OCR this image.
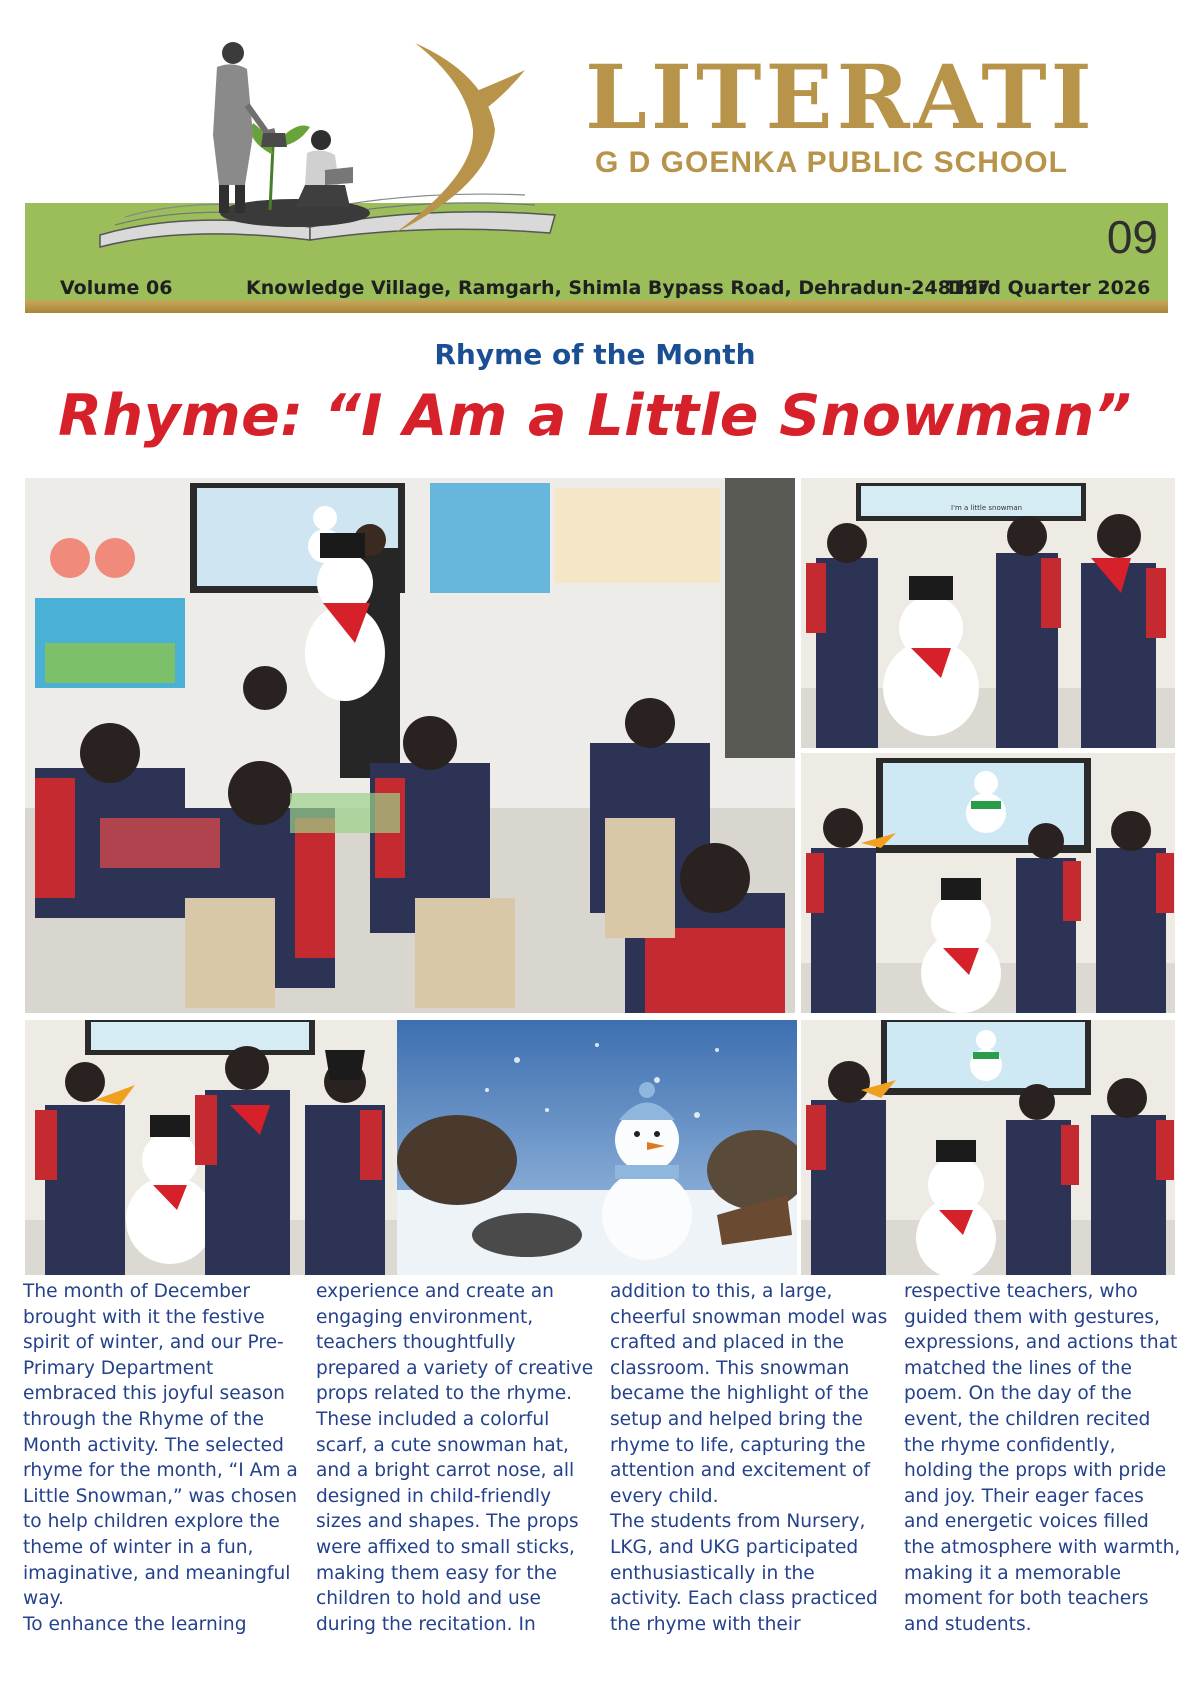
LITERATI
G D GOENKA PUBLIC SCHOOL
09
Volume 06	Knowledge Village, Ramgarh, Shimla Bypass Road, Dehradun-248197
Third Quarter 2026
Rhyme of the Month
Rhyme: “I Am a Little Snowman”
I'm a little snowman

The month of December brought with it the festive spirit of winter, and our Pre-Primary Department embraced this joyful season through the Rhyme of the Month activity. The selected rhyme for the month, “I Am a Little Snowman,” was chosen to help children explore the theme of winter in a fun, imaginative, and meaningful way.

To enhance the learning

experience and create an engaging environment, teachers thoughtfully prepared a variety of creative props related to the rhyme. These included a colorful scarf, a cute snowman hat, and a bright carrot nose, all designed in child-friendly sizes and shapes. The props were affixed to small sticks, making them easy for the children to hold and use during the recitation. In

addition to this, a large, cheerful snowman model was crafted and placed in the classroom. This snowman became the highlight of the setup and helped bring the rhyme to life, capturing the attention and excitement of every child.

The students from Nursery, LKG, and UKG participated enthusiastically in the activity. Each class practiced the rhyme with their

respective teachers, who guided them with gestures, expressions, and actions that matched the lines of the poem. On the day of the event, the children recited the rhyme confidently, holding the props with pride and joy. Their eager faces and energetic voices filled the atmosphere with warmth, making it a memorable moment for both teachers and students.
